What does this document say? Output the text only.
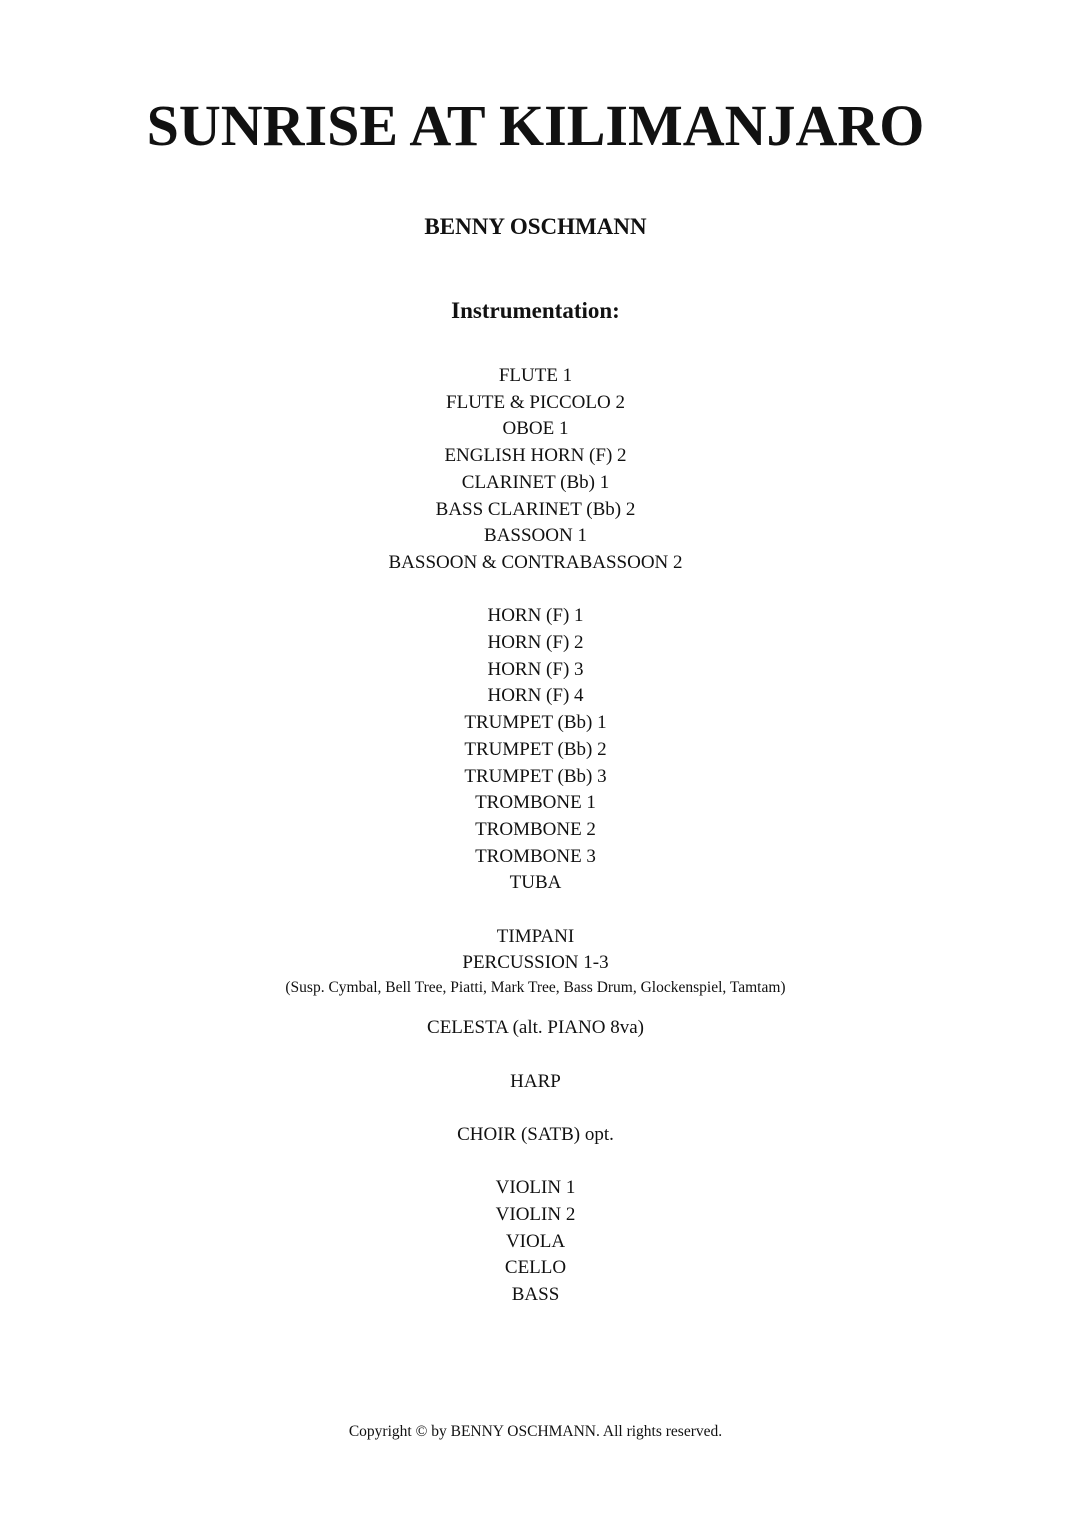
SUNRISE AT KILIMANJARO
BENNY OSCHMANN
Instrumentation:
FLUTE 1
FLUTE & PICCOLO 2
OBOE 1
ENGLISH HORN (F) 2
CLARINET (Bb) 1
BASS CLARINET (Bb) 2
BASSOON 1
BASSOON & CONTRABASSOON 2
HORN (F) 1
HORN (F) 2
HORN (F) 3
HORN (F) 4
TRUMPET (Bb) 1
TRUMPET (Bb) 2
TRUMPET (Bb) 3
TROMBONE 1
TROMBONE 2
TROMBONE 3
TUBA
TIMPANI
PERCUSSION 1-3
(Susp. Cymbal, Bell Tree, Piatti, Mark Tree, Bass Drum, Glockenspiel, Tamtam)
CELESTA (alt. PIANO 8va)
HARP
CHOIR (SATB) opt.
VIOLIN 1
VIOLIN 2
VIOLA
CELLO
BASS
Copyright © by BENNY OSCHMANN. All rights reserved.
